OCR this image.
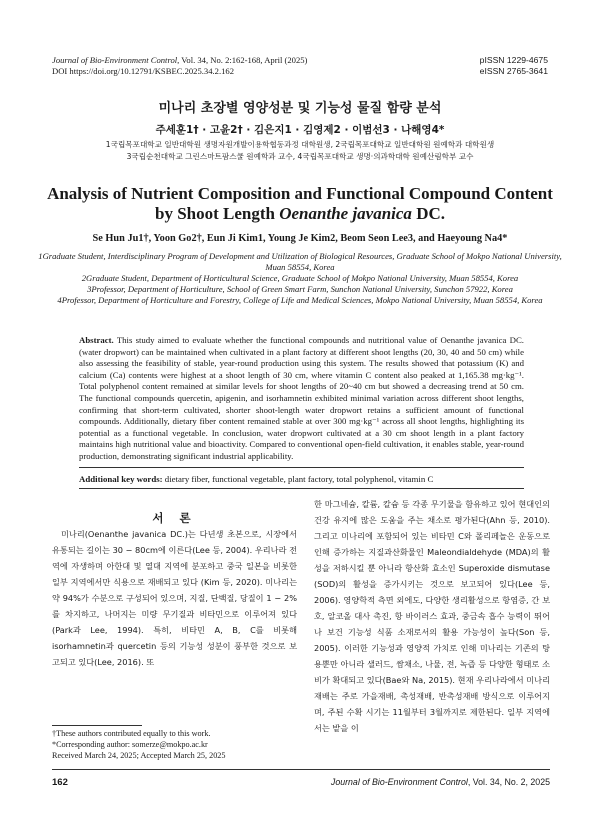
Journal of Bio-Environment Control, Vol. 34, No. 2:162-168, April (2025)
DOI https://doi.org/10.12791/KSBEC.2025.34.2.162
pISSN 1229-4675
eISSN 2765-3641
미나리 초장별 영양성분 및 기능성 물질 함량 분석
주세훈1† · 고윤2† · 김은지1 · 김영제2 · 이범선3 · 나해영4*
1국립목포대학교 일반대학원 생명자원개발이용학협동과정 대학원생, 2국립목포대학교 일반대학원 원예학과 대학원생
3국립순천대학교 그린스마트팜스쿨 원예학과 교수, 4국립목포대학교 생명·의과학대학 원예산림학부 교수
Analysis of Nutrient Composition and Functional Compound Content by Shoot Length Oenanthe javanica DC.
Se Hun Ju1†, Yoon Go2†, Eun Ji Kim1, Young Je Kim2, Beom Seon Lee3, and Haeyoung Na4*
1Graduate Student, Interdisciplinary Program of Development and Utilization of Biological Resources, Graduate School of Mokpo National University, Muan 58554, Korea
2Graduate Student, Department of Horticultural Science, Graduate School of Mokpo National University, Muan 58554, Korea
3Professor, Department of Horticulture, School of Green Smart Farm, Sunchon National University, Sunchon 57922, Korea
4Professor, Department of Horticulture and Forestry, College of Life and Medical Sciences, Mokpo National University, Muan 58554, Korea
Abstract. This study aimed to evaluate whether the functional compounds and nutritional value of Oenanthe javanica DC. (water dropwort) can be maintained when cultivated in a plant factory at different shoot lengths (20, 30, 40 and 50 cm) while also assessing the feasibility of stable, year-round production using this system. The results showed that potassium (K) and calcium (Ca) contents were highest at a shoot length of 30 cm, where vitamin C content also peaked at 1,165.38 mg·kg⁻¹. Total polyphenol content remained at similar levels for shoot lengths of 20~40 cm but showed a decreasing trend at 50 cm. The functional compounds quercetin, apigenin, and isorhamnetin exhibited minimal variation across different shoot lengths, confirming that short-term cultivated, shorter shoot-length water dropwort retains a sufficient amount of functional compounds. Additionally, dietary fiber content remained stable at over 300 mg·kg⁻¹ across all shoot lengths, highlighting its potential as a functional vegetable. In conclusion, water dropwort cultivated at a 30 cm shoot length in a plant factory maintains high nutritional value and bioactivity. Compared to conventional open-field cultivation, it enables stable, year-round production, demonstrating significant industrial applicability.
Additional key words: dietary fiber, functional vegetable, plant factory, total polyphenol, vitamin C
서 론
미나리(Oenanthe javanica DC.)는 다년생 초본으로, 시장에서 유통되는 길이는 30 − 80cm에 이른다(Lee 등, 2004). 우리나라 전역에 자생하며 아한대 및 열대 지역에 분포하고 중국 일본을 비롯한 일부 지역에서만 식용으로 재배되고 있다 (Kim 등, 2020). 미나리는 약 94%가 수분으로 구성되어 있으며, 지질, 단백질, 당질이 1 − 2%를 차지하고, 나머지는 미량 무기질과 비타민으로 이루어져 있다(Park과 Lee, 1994). 특히, 비타민 A, B, C를 비롯해 isorhamnetin과 quercetin 등의 기능성 성분이 풍부한 것으로 보고되고 있다(Lee, 2016). 또
한 마그네슘, 칼륨, 칼슘 등 각종 무기물을 함유하고 있어 현대인의 건강 유지에 많은 도움을 주는 채소로 평가된다(Ahn 등, 2010). 그리고 미나리에 포함되어 있는 비타민 C와 폴리페놀은 운동으로 인해 증가하는 지질과산화물인 Maleondialdehyde (MDA)의 활성을 저하시킬 뿐 아니라 항산화 효소인 Superoxide dismutase (SOD)의 활성을 증가시키는 것으로 보고되어 있다(Lee 등, 2006). 영양학적 측면 외에도, 다양한 생리활성으로 항염증, 간 보호, 알코올 대사 촉진, 항 바이러스 효과, 중금속 흡수 능력이 뛰어나 보건 기능성 식품 소재로서의 활용 가능성이 높다(Son 등, 2005). 이러한 기능성과 영양적 가치로 인해 미나리는 기존의 탕용뿐만 아니라 샐러드, 쌈채소, 나물, 전, 녹즙 등 다양한 형태로 소비가 확대되고 있다(Bae와 Na, 2015). 현재 우리나라에서 미나리 재배는 주로 가을재배, 촉성재배, 반촉성재배 방식으로 이루어지며, 주된 수확 시기는 11월부터 3월까지로 제한된다. 일부 지역에서는 밭을 이
†These authors contributed equally to this work.
*Corresponding author: somerze@mokpo.ac.kr
Received March 24, 2025; Accepted March 25, 2025
162	Journal of Bio-Environment Control, Vol. 34, No. 2, 2025
